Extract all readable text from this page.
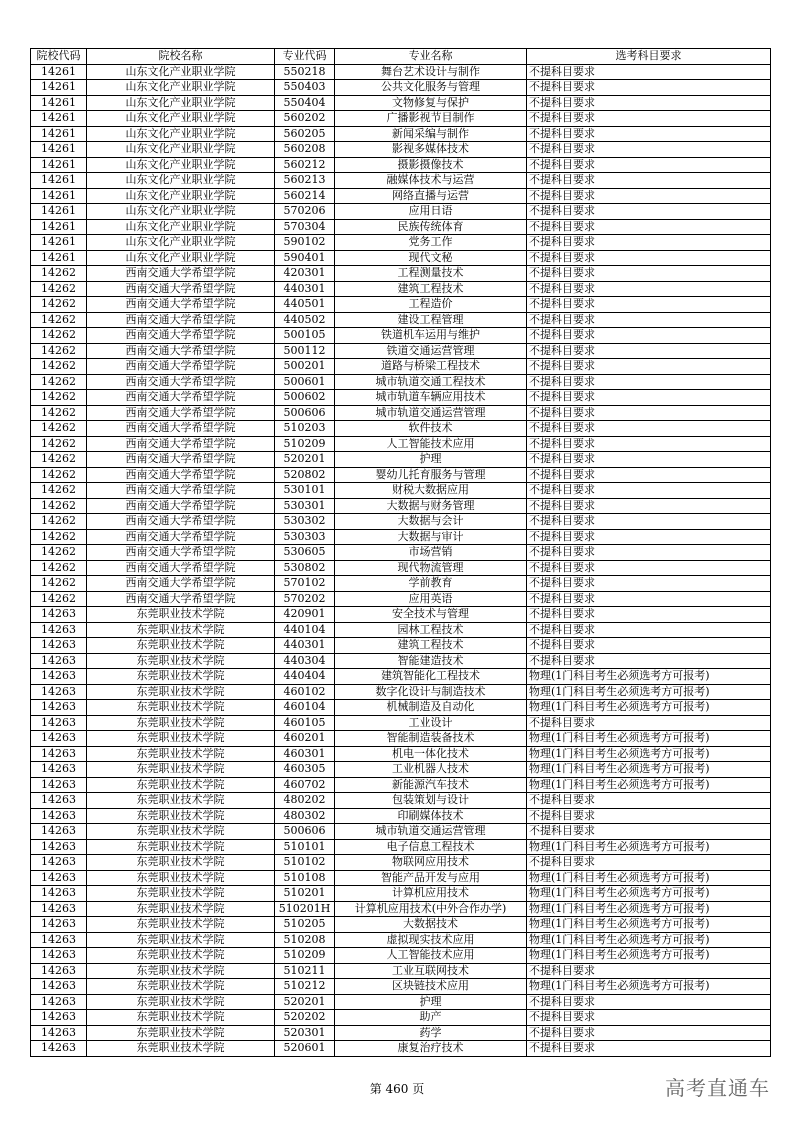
院校代码	院校名称	专业代码	专业名称	选考科目要求
14261	山东文化产业职业学院	550218	舞台艺术设计与制作	不提科目要求
14261	山东文化产业职业学院	550403	公共文化服务与管理	不提科目要求
14261	山东文化产业职业学院	550404	文物修复与保护	不提科目要求
14261	山东文化产业职业学院	560202	广播影视节目制作	不提科目要求
14261	山东文化产业职业学院	560205	新闻采编与制作	不提科目要求
14261	山东文化产业职业学院	560208	影视多媒体技术	不提科目要求
14261	山东文化产业职业学院	560212	摄影摄像技术	不提科目要求
14261	山东文化产业职业学院	560213	融媒体技术与运营	不提科目要求
14261	山东文化产业职业学院	560214	网络直播与运营	不提科目要求
14261	山东文化产业职业学院	570206	应用日语	不提科目要求
14261	山东文化产业职业学院	570304	民族传统体育	不提科目要求
14261	山东文化产业职业学院	590102	党务工作	不提科目要求
14261	山东文化产业职业学院	590401	现代文秘	不提科目要求
14262	西南交通大学希望学院	420301	工程测量技术	不提科目要求
14262	西南交通大学希望学院	440301	建筑工程技术	不提科目要求
14262	西南交通大学希望学院	440501	工程造价	不提科目要求
14262	西南交通大学希望学院	440502	建设工程管理	不提科目要求
14262	西南交通大学希望学院	500105	铁道机车运用与维护	不提科目要求
14262	西南交通大学希望学院	500112	铁道交通运营管理	不提科目要求
14262	西南交通大学希望学院	500201	道路与桥梁工程技术	不提科目要求
14262	西南交通大学希望学院	500601	城市轨道交通工程技术	不提科目要求
14262	西南交通大学希望学院	500602	城市轨道车辆应用技术	不提科目要求
14262	西南交通大学希望学院	500606	城市轨道交通运营管理	不提科目要求
14262	西南交通大学希望学院	510203	软件技术	不提科目要求
14262	西南交通大学希望学院	510209	人工智能技术应用	不提科目要求
14262	西南交通大学希望学院	520201	护理	不提科目要求
14262	西南交通大学希望学院	520802	婴幼儿托育服务与管理	不提科目要求
14262	西南交通大学希望学院	530101	财税大数据应用	不提科目要求
14262	西南交通大学希望学院	530301	大数据与财务管理	不提科目要求
14262	西南交通大学希望学院	530302	大数据与会计	不提科目要求
14262	西南交通大学希望学院	530303	大数据与审计	不提科目要求
14262	西南交通大学希望学院	530605	市场营销	不提科目要求
14262	西南交通大学希望学院	530802	现代物流管理	不提科目要求
14262	西南交通大学希望学院	570102	学前教育	不提科目要求
14262	西南交通大学希望学院	570202	应用英语	不提科目要求
14263	东莞职业技术学院	420901	安全技术与管理	不提科目要求
14263	东莞职业技术学院	440104	园林工程技术	不提科目要求
14263	东莞职业技术学院	440301	建筑工程技术	不提科目要求
14263	东莞职业技术学院	440304	智能建造技术	不提科目要求
14263	东莞职业技术学院	440404	建筑智能化工程技术	物理(1门科目考生必须选考方可报考)
14263	东莞职业技术学院	460102	数字化设计与制造技术	物理(1门科目考生必须选考方可报考)
14263	东莞职业技术学院	460104	机械制造及自动化	物理(1门科目考生必须选考方可报考)
14263	东莞职业技术学院	460105	工业设计	不提科目要求
14263	东莞职业技术学院	460201	智能制造装备技术	物理(1门科目考生必须选考方可报考)
14263	东莞职业技术学院	460301	机电一体化技术	物理(1门科目考生必须选考方可报考)
14263	东莞职业技术学院	460305	工业机器人技术	物理(1门科目考生必须选考方可报考)
14263	东莞职业技术学院	460702	新能源汽车技术	物理(1门科目考生必须选考方可报考)
14263	东莞职业技术学院	480202	包装策划与设计	不提科目要求
14263	东莞职业技术学院	480302	印刷媒体技术	不提科目要求
14263	东莞职业技术学院	500606	城市轨道交通运营管理	不提科目要求
14263	东莞职业技术学院	510101	电子信息工程技术	物理(1门科目考生必须选考方可报考)
14263	东莞职业技术学院	510102	物联网应用技术	不提科目要求
14263	东莞职业技术学院	510108	智能产品开发与应用	物理(1门科目考生必须选考方可报考)
14263	东莞职业技术学院	510201	计算机应用技术	物理(1门科目考生必须选考方可报考)
14263	东莞职业技术学院	510201H	计算机应用技术(中外合作办学)	物理(1门科目考生必须选考方可报考)
14263	东莞职业技术学院	510205	大数据技术	物理(1门科目考生必须选考方可报考)
14263	东莞职业技术学院	510208	虚拟现实技术应用	物理(1门科目考生必须选考方可报考)
14263	东莞职业技术学院	510209	人工智能技术应用	物理(1门科目考生必须选考方可报考)
14263	东莞职业技术学院	510211	工业互联网技术	不提科目要求
14263	东莞职业技术学院	510212	区块链技术应用	物理(1门科目考生必须选考方可报考)
14263	东莞职业技术学院	520201	护理	不提科目要求
14263	东莞职业技术学院	520202	助产	不提科目要求
14263	东莞职业技术学院	520301	药学	不提科目要求
14263	东莞职业技术学院	520601	康复治疗技术	不提科目要求
第 460 页	高考直通车
